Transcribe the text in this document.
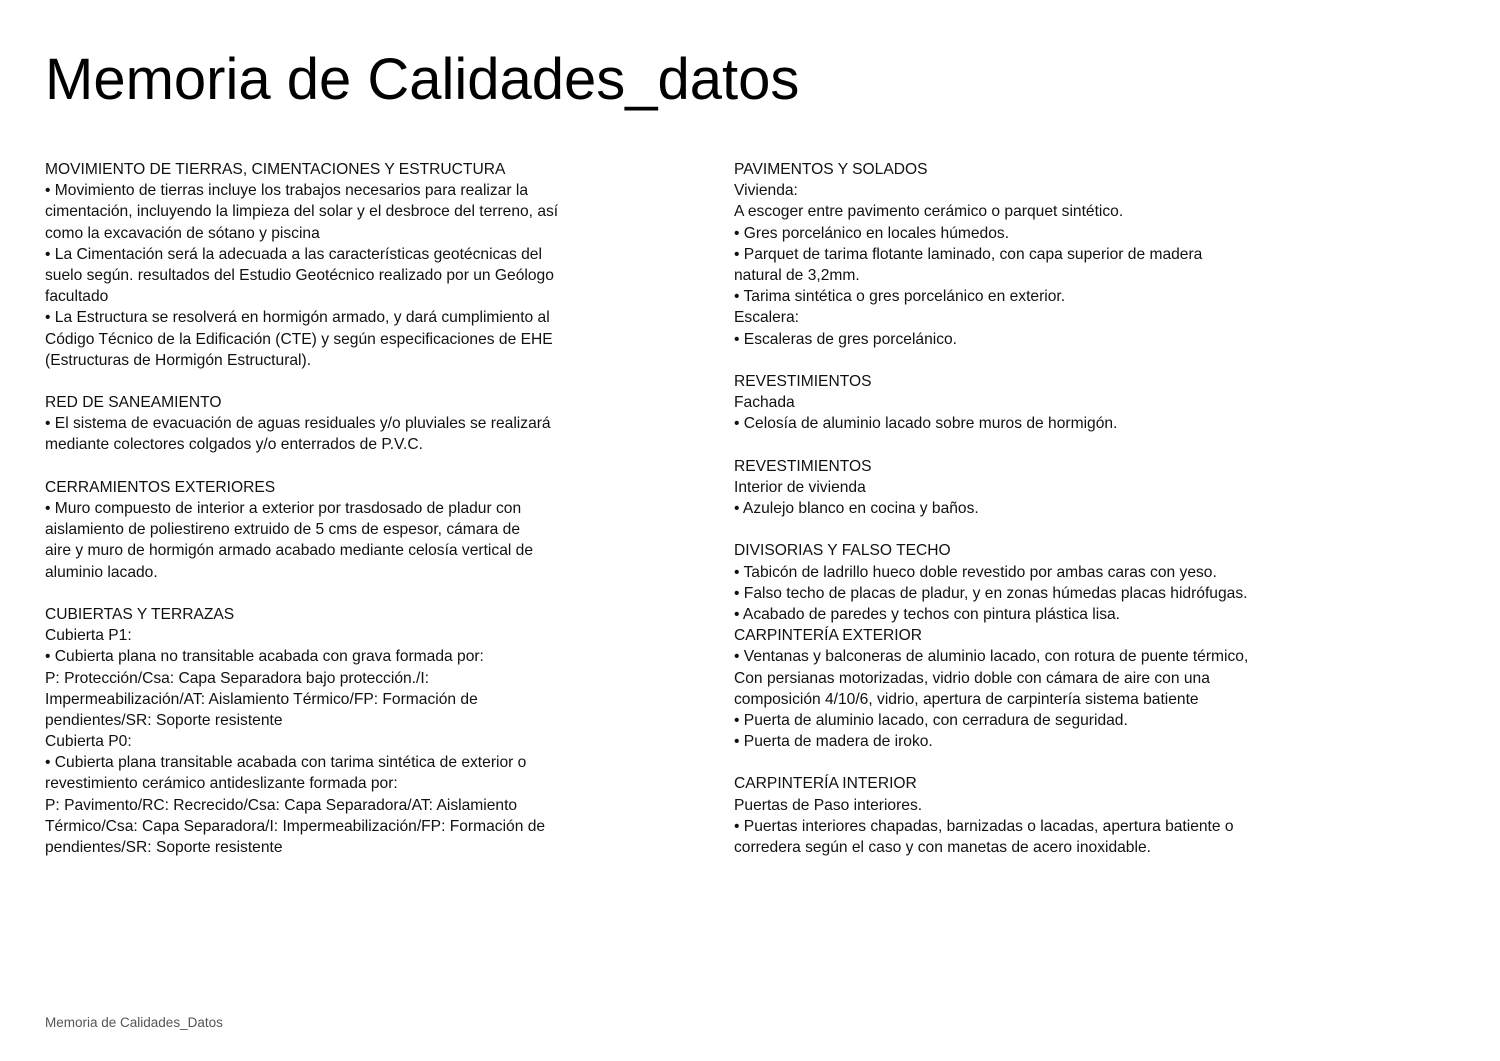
Memoria de Calidades_datos
MOVIMIENTO DE TIERRAS, CIMENTACIONES Y ESTRUCTURA
• Movimiento de tierras incluye los trabajos necesarios para realizar la
cimentación, incluyendo la limpieza del solar y el desbroce del terreno, así
como la excavación de sótano y piscina
• La Cimentación será la adecuada a las características geotécnicas del
suelo según. resultados del Estudio Geotécnico realizado por un Geólogo
facultado
• La Estructura se resolverá en hormigón armado, y dará cumplimiento al
Código Técnico de la Edificación (CTE) y según especificaciones de EHE
(Estructuras de Hormigón Estructural).
RED DE SANEAMIENTO
• El sistema de evacuación de aguas residuales y/o pluviales se realizará
mediante colectores colgados y/o enterrados de P.V.C.
CERRAMIENTOS EXTERIORES
• Muro compuesto de interior a exterior por trasdosado de pladur con
aislamiento de poliestireno extruido de 5 cms de espesor, cámara de
aire y muro de hormigón armado acabado mediante celosía vertical de
aluminio lacado.
CUBIERTAS Y TERRAZAS
Cubierta P1:
• Cubierta plana no transitable acabada con grava formada por:
P: Protección/Csa: Capa Separadora bajo protección./I:
Impermeabilización/AT: Aislamiento Térmico/FP: Formación de
pendientes/SR: Soporte resistente
Cubierta P0:
• Cubierta plana transitable acabada con tarima sintética de exterior o
revestimiento cerámico antideslizante formada por:
P: Pavimento/RC: Recrecido/Csa: Capa Separadora/AT: Aislamiento
Térmico/Csa: Capa Separadora/I: Impermeabilización/FP: Formación de
pendientes/SR: Soporte resistente
PAVIMENTOS Y SOLADOS
Vivienda:
A escoger entre pavimento cerámico o parquet sintético.
• Gres porcelánico en locales húmedos.
• Parquet de tarima flotante laminado, con capa superior de madera
natural de 3,2mm.
• Tarima sintética o gres porcelánico en exterior.
Escalera:
• Escaleras de gres porcelánico.
REVESTIMIENTOS
Fachada
• Celosía de aluminio lacado sobre muros de hormigón.
REVESTIMIENTOS
Interior de vivienda
• Azulejo blanco en cocina y baños.
DIVISORIAS Y FALSO TECHO
• Tabicón de ladrillo hueco doble revestido por ambas caras con yeso.
• Falso techo de placas de pladur, y en zonas húmedas placas hidrófugas.
• Acabado de paredes y techos con pintura plástica lisa.
CARPINTERÍA EXTERIOR
• Ventanas y balconeras de aluminio lacado, con rotura de puente térmico,
Con persianas motorizadas, vidrio doble con cámara de aire con una
composición 4/10/6, vidrio, apertura de carpintería sistema batiente
• Puerta de aluminio lacado, con cerradura de seguridad.
• Puerta de madera de iroko.
CARPINTERÍA INTERIOR
Puertas de Paso interiores.
• Puertas interiores chapadas, barnizadas o lacadas, apertura batiente o
corredera según el caso y con manetas de acero inoxidable.
Memoria de Calidades_Datos
